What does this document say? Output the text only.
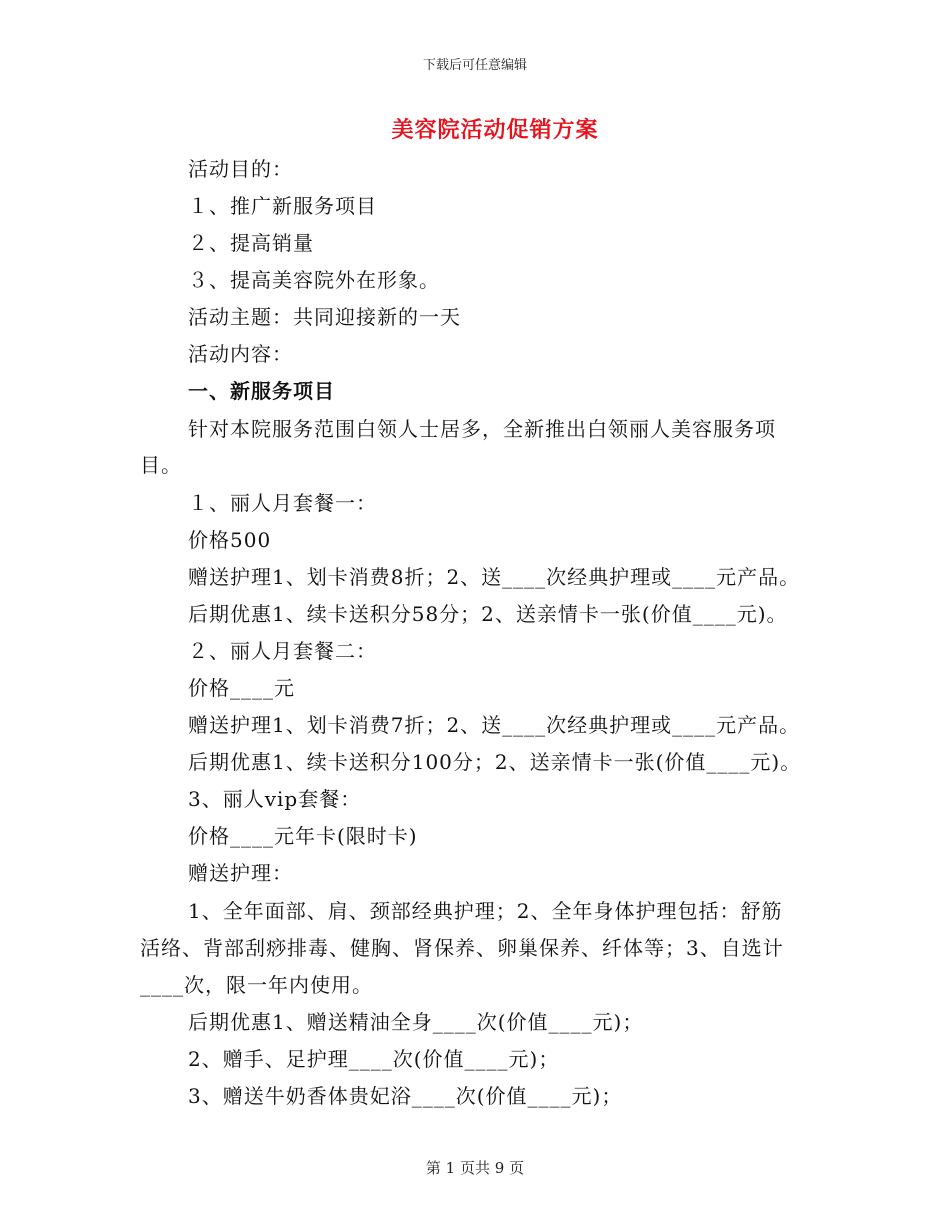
下载后可任意编辑
美容院活动促销方案
活动目的：
１、推广新服务项目
２、提高销量
３、提高美容院外在形象。
活动主题：共同迎接新的一天
活动内容：
一、新服务项目
针对本院服务范围白领人士居多，全新推出白领丽人美容服务项
目。
１、丽人月套餐一：
价格500
赠送护理1、划卡消费8折；2、送____次经典护理或____元产品。
后期优惠1、续卡送积分58分；2、送亲情卡一张(价值____元)。
２、丽人月套餐二：
价格____元
赠送护理1、划卡消费7折；2、送____次经典护理或____元产品。
后期优惠1、续卡送积分100分；2、送亲情卡一张(价值____元)。
3、丽人vip套餐：
价格____元年卡(限时卡)
赠送护理：
1、全年面部、肩、颈部经典护理；2、全年身体护理包括：舒筋
活络、背部刮痧排毒、健胸、肾保养、卵巢保养、纤体等；3、自选计
____次，限一年内使用。
后期优惠1、赠送精油全身____次(价值____元)；
2、赠手、足护理____次(价值____元)；
3、赠送牛奶香体贵妃浴____次(价值____元)；
第 1 页共 9 页
